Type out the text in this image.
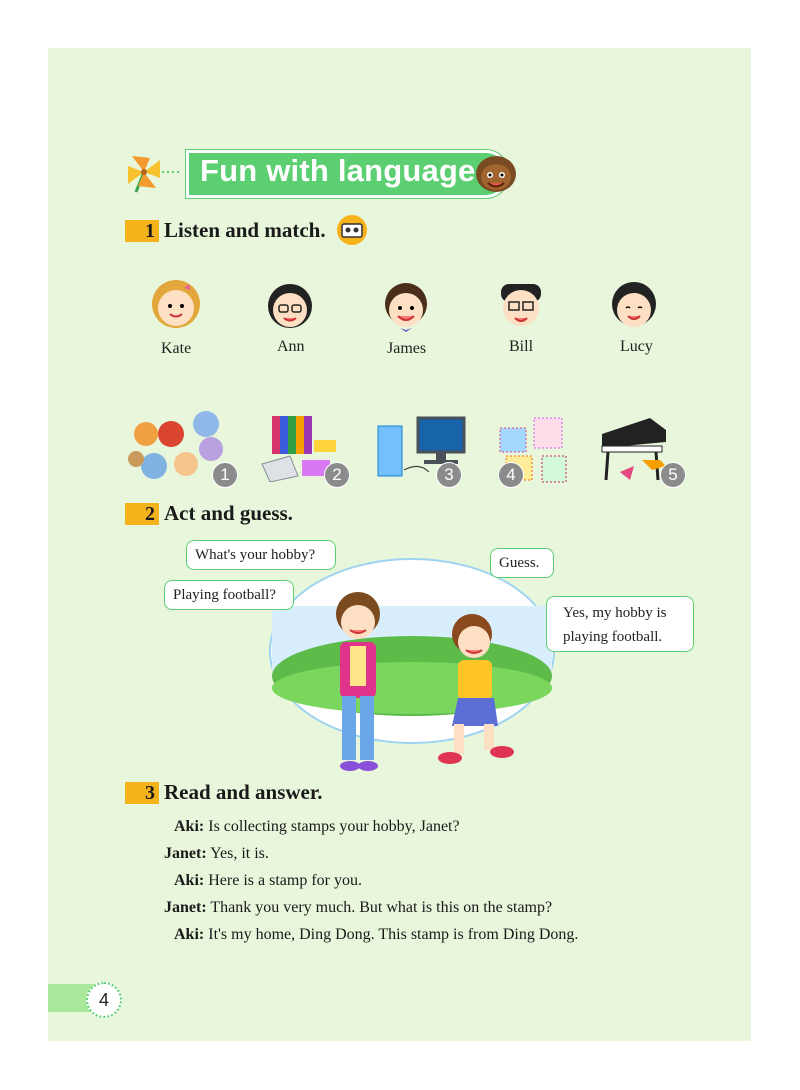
Fun with language
1 Listen and match.
Kate	Ann	James	Bill	Lucy
1	2	3	4	5
2 Act and guess.
What's your hobby?	Guess.
Playing football?
Yes, my hobby is
playing football.
3 Read and answer.
Aki: Is collecting stamps your hobby, Janet?
Janet: Yes, it is.
Aki: Here is a stamp for you.
Janet: Thank you very much. But what is this on the stamp?
Aki: It's my home, Ding Dong. This stamp is from Ding Dong.
4
